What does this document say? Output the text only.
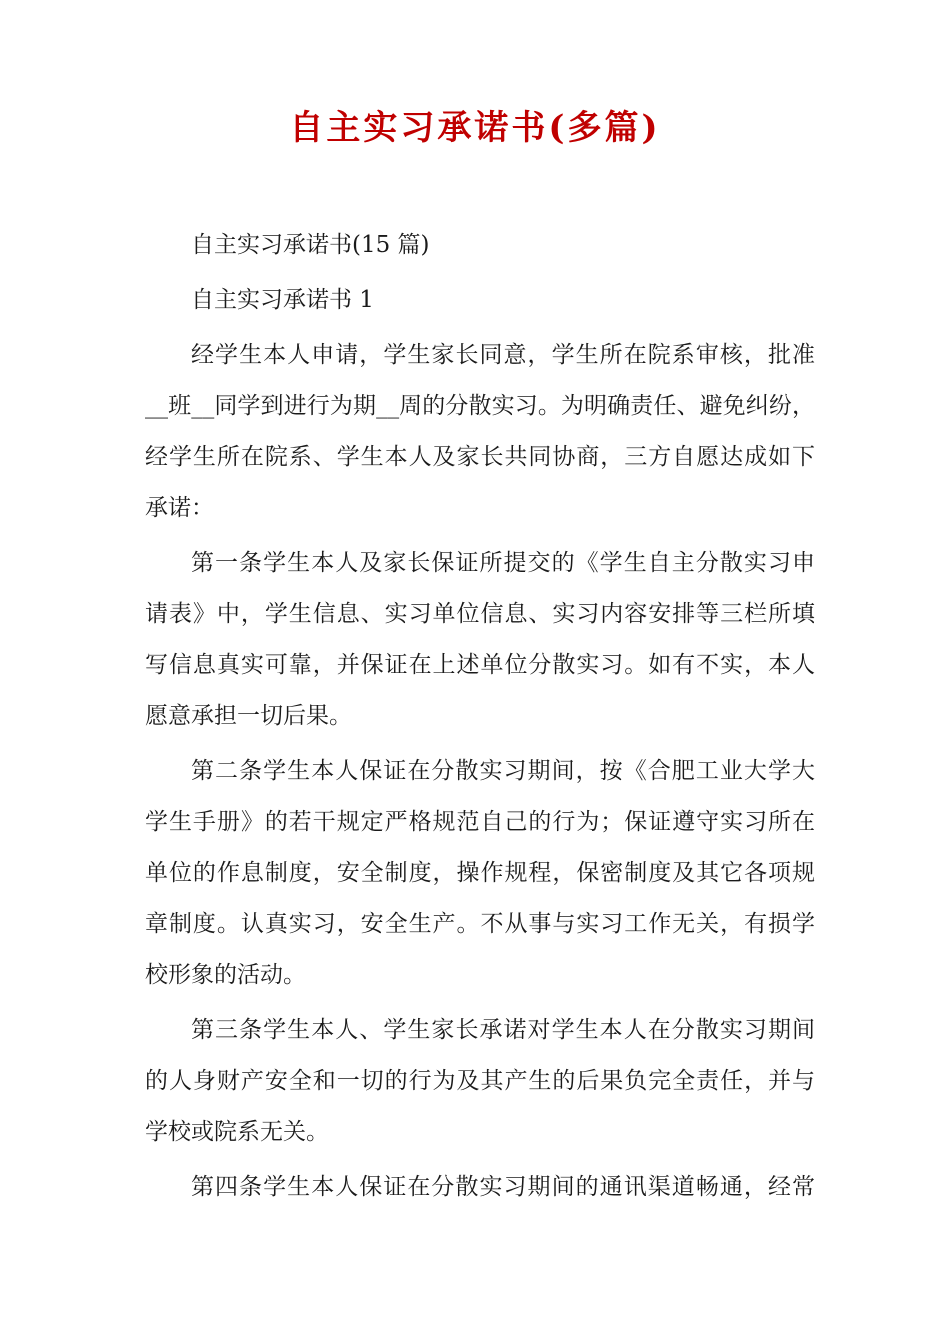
自主实习承诺书(多篇)

自主实习承诺书(15 篇)

自主实习承诺书 1

经学生本人申请，学生家长同意，学生所在院系审核，批准

__班__同学到进行为期__周的分散实习。为明确责任、避免纠纷，

经学生所在院系、学生本人及家长共同协商，三方自愿达成如下

承诺：

第一条学生本人及家长保证所提交的《学生自主分散实习申

请表》中，学生信息、实习单位信息、实习内容安排等三栏所填

写信息真实可靠，并保证在上述单位分散实习。如有不实，本人

愿意承担一切后果。

第二条学生本人保证在分散实习期间，按《合肥工业大学大

学生手册》的若干规定严格规范自己的行为；保证遵守实习所在

单位的作息制度，安全制度，操作规程，保密制度及其它各项规

章制度。认真实习，安全生产。不从事与实习工作无关，有损学

校形象的活动。

第三条学生本人、学生家长承诺对学生本人在分散实习期间

的人身财产安全和一切的行为及其产生的后果负完全责任，并与

学校或院系无关。

第四条学生本人保证在分散实习期间的通讯渠道畅通，经常
